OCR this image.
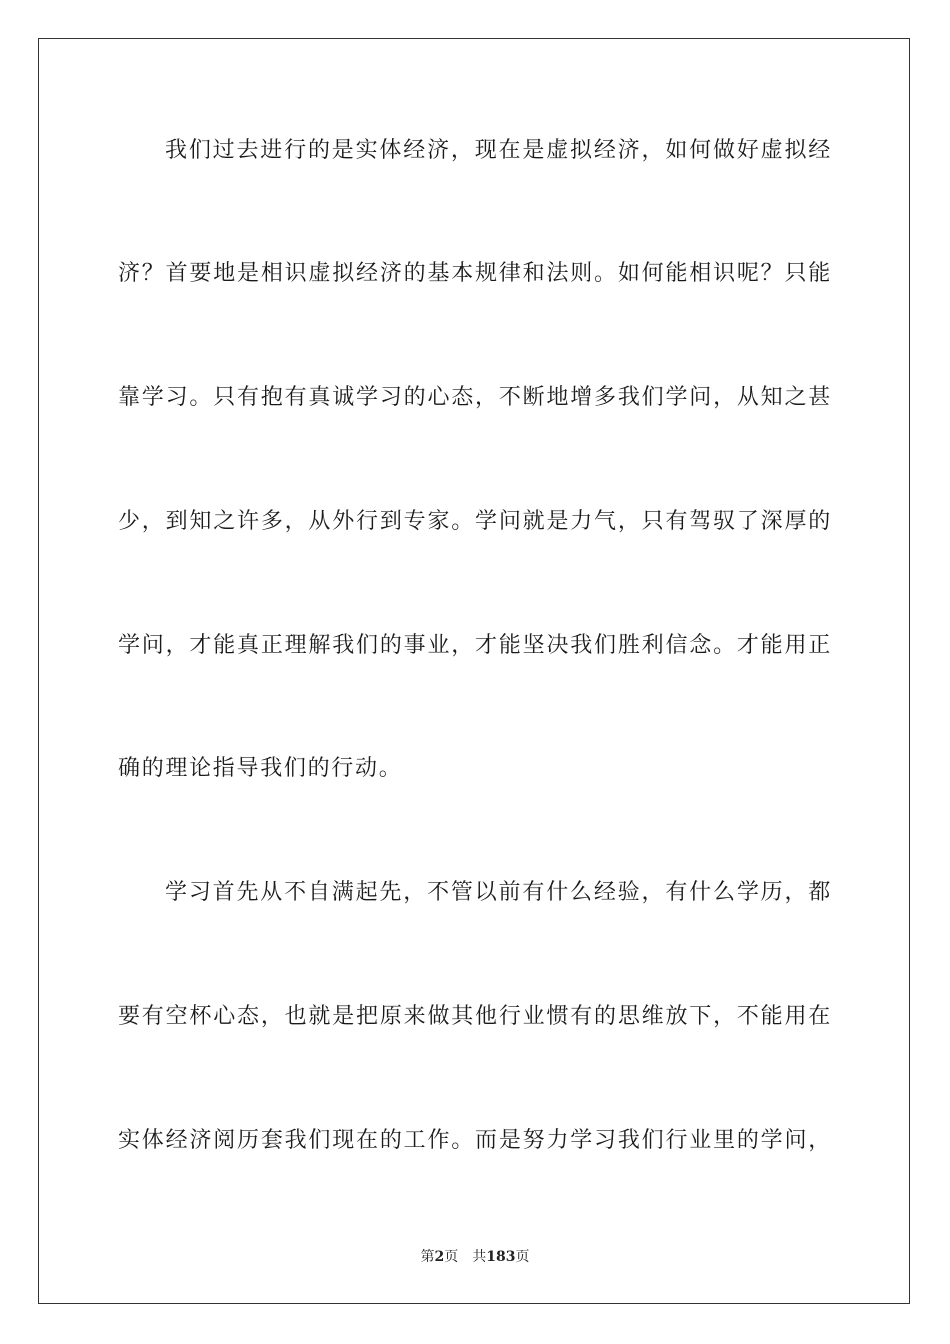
我们过去进行的是实体经济，现在是虚拟经济，如何做好虚拟经
济？首要地是相识虚拟经济的基本规律和法则。如何能相识呢？只能
靠学习。只有抱有真诚学习的心态，不断地增多我们学问，从知之甚
少，到知之许多，从外行到专家。学问就是力气，只有驾驭了深厚的
学问，才能真正理解我们的事业，才能坚决我们胜利信念。才能用正
确的理论指导我们的行动。
学习首先从不自满起先，不管以前有什么经验，有什么学历，都
要有空杯心态，也就是把原来做其他行业惯有的思维放下，不能用在
实体经济阅历套我们现在的工作。而是努力学习我们行业里的学问，
第2页 共183页
